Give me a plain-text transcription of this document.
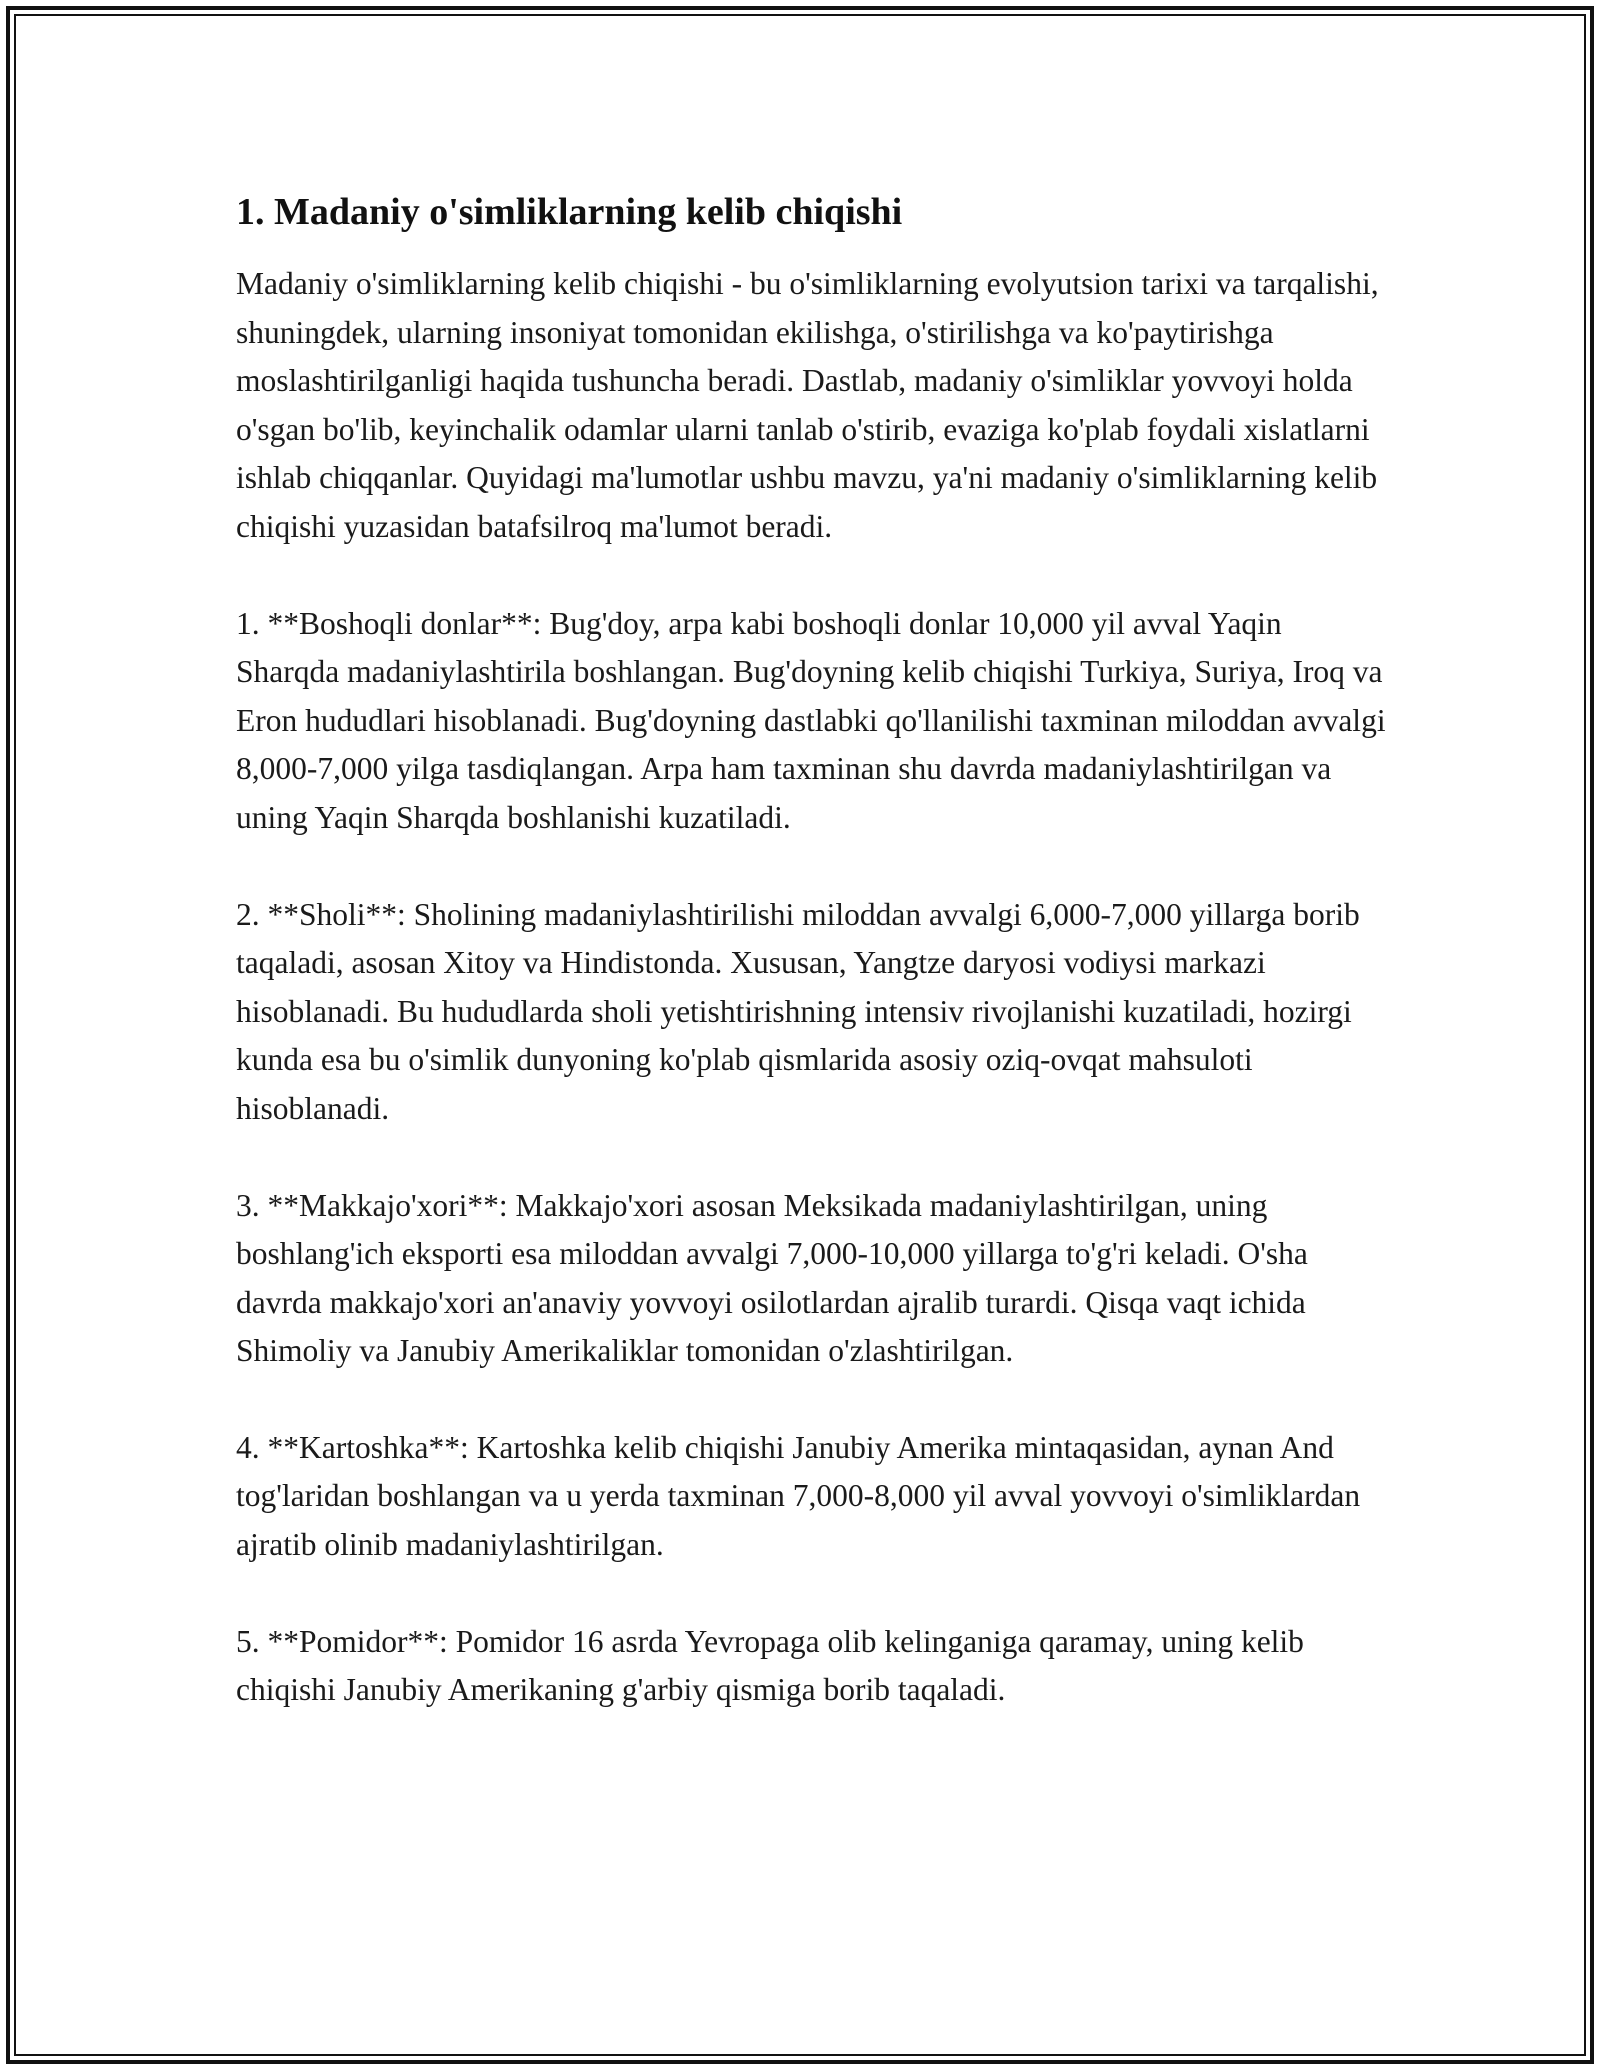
1. Madaniy o'simliklarning kelib chiqishi

Madaniy o'simliklarning kelib chiqishi - bu o'simliklarning evolyutsion tarixi va tarqalishi, shuningdek, ularning insoniyat tomonidan ekilishga, o'stirilishga va ko'paytirishga moslashtirilganligi haqida tushuncha beradi. Dastlab, madaniy o'simliklar yovvoyi holda o'sgan bo'lib, keyinchalik odamlar ularni tanlab o'stirib, evaziga ko'plab foydali xislatlarni ishlab chiqqanlar. Quyidagi ma'lumotlar ushbu mavzu, ya'ni madaniy o'simliklarning kelib chiqishi yuzasidan batafsilroq ma'lumot beradi.

1. **Boshoqli donlar**: Bug'doy, arpa kabi boshoqli donlar 10,000 yil avval Yaqin Sharqda madaniylashtirila boshlangan. Bug'doyning kelib chiqishi Turkiya, Suriya, Iroq va Eron hududlari hisoblanadi. Bug'doyning dastlabki qo'llanilishi taxminan miloddan avvalgi 8,000-7,000 yilga tasdiqlangan. Arpa ham taxminan shu davrda madaniylashtirilgan va uning Yaqin Sharqda boshlanishi kuzatiladi.

2. **Sholi**: Sholining madaniylashtirilishi miloddan avvalgi 6,000-7,000 yillarga borib taqaladi, asosan Xitoy va Hindistonda. Xususan, Yangtze daryosi vodiysi markazi hisoblanadi. Bu hududlarda sholi yetishtirishning intensiv rivojlanishi kuzatiladi, hozirgi kunda esa bu o'simlik dunyoning ko'plab qismlarida asosiy oziq-ovqat mahsuloti hisoblanadi.

3. **Makkajo'xori**: Makkajo'xori asosan Meksikada madaniylashtirilgan, uning boshlang'ich eksporti esa miloddan avvalgi 7,000-10,000 yillarga to'g'ri keladi. O'sha davrda makkajo'xori an'anaviy yovvoyi osilotlardan ajralib turardi. Qisqa vaqt ichida Shimoliy va Janubiy Amerikaliklar tomonidan o'zlashtirilgan.

4. **Kartoshka**: Kartoshka kelib chiqishi Janubiy Amerika mintaqasidan, aynan And tog'laridan boshlangan va u yerda taxminan 7,000-8,000 yil avval yovvoyi o'simliklardan ajratib olinib madaniylashtirilgan.

5. **Pomidor**: Pomidor 16 asrda Yevropaga olib kelinganiga qaramay, uning kelib chiqishi Janubiy Amerikaning g'arbiy qismiga borib taqaladi.
